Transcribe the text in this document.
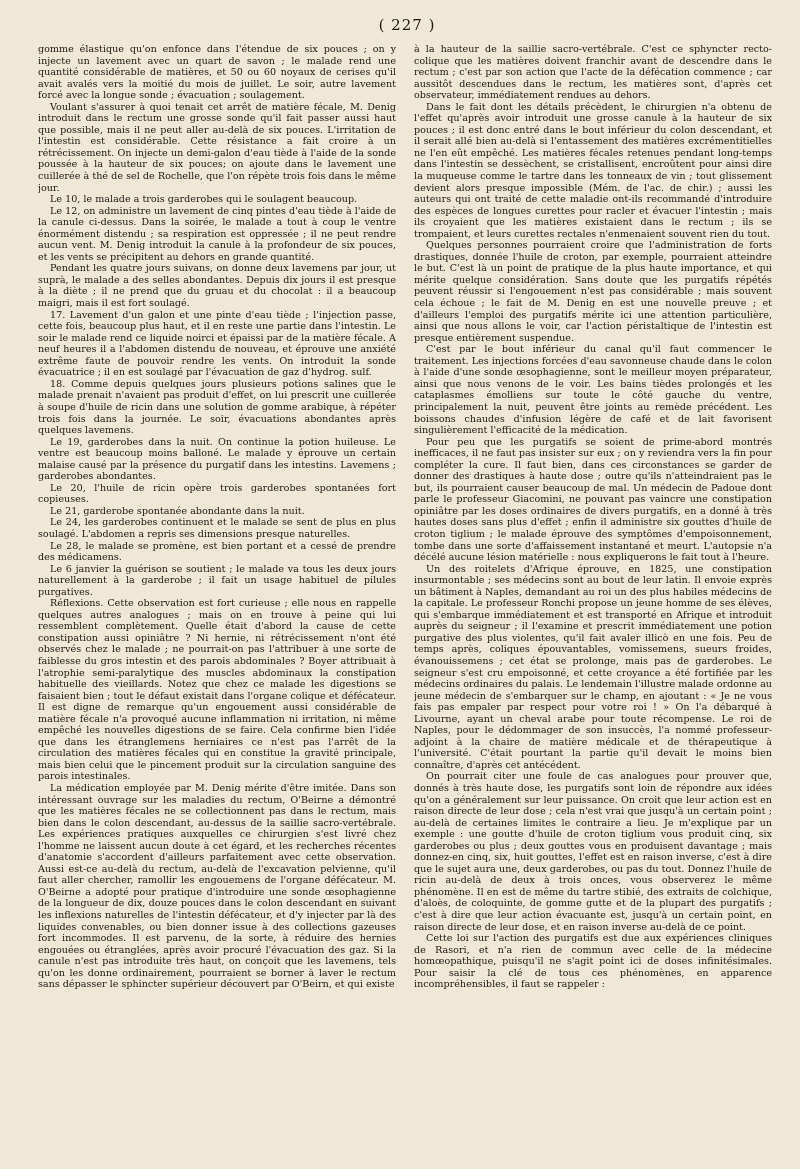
( 227 )

gomme élastique qu'on enfonce dans l'étendue de six pouces ; on y injecte un lavement avec un quart de savon ; le malade rend une quantité considérable de matières, et 50 ou 60 noyaux de cerises qu'il avait avalés vers la moitié du mois de juillet. Le soir, autre lavement forcé avec la longue sonde ; évacuation ; soulagement.

Voulant s'assurer à quoi tenait cet arrêt de matière fécale, M. Denig introduit dans le rectum une grosse sonde qu'il fait passer aussi haut que possible, mais il ne peut aller au-delà de six pouces. L'irritation de l'intestin est considérable. Cette résistance a fait croire à un rétrécissement. On injecte un demi-galon d'eau tiède à l'aide de la sonde poussée à la hauteur de six pouces; on ajoute dans le lavement une cuillerée à thé de sel de Rochelle, que l'on répète trois fois dans le même jour.

Le 10, le malade a trois garderobes qui le soulagent beaucoup.

Le 12, on administre un lavement de cinq pintes d'eau tiède à l'aide de la canule ci-dessus. Dans la soirée, le malade a tout à coup le ventre énormément distendu ; sa respiration est oppressée ; il ne peut rendre aucun vent. M. Denig introduit la canule à la profondeur de six pouces, et les vents se précipitent au dehors en grande quantité.

Pendant les quatre jours suivans, on donne deux lavemens par jour, ut suprà, le malade a des selles abondantes. Depuis dix jours il est presque à la diète ; il ne prend que du gruau et du chocolat : il a beaucoup maigri, mais il est fort soulagé.

17. Lavement d'un galon et une pinte d'eau tiède ; l'injection passe, cette fois, beaucoup plus haut, et il en reste une partie dans l'intestin. Le soir le malade rend ce liquide noirci et épaissi par de la matière fécale. A neuf heures il a l'abdomen distendu de nouveau, et éprouve une anxiété extrême faute de pouvoir rendre les vents. On introduit la sonde évacuatrice ; il en est soulagé par l'évacuation de gaz d'hydrog. sulf.

18. Comme depuis quelques jours plusieurs potions salines que le malade prenait n'avaient pas produit d'effet, on lui prescrit une cuillerée à soupe d'huile de ricin dans une solution de gomme arabique, à répéter trois fois dans la journée. Le soir, évacuations abondantes après quelques lavemens.

Le 19, garderobes dans la nuit. On continue la potion huileuse. Le ventre est beaucoup moins balloné. Le malade y éprouve un certain malaise causé par la présence du purgatif dans les intestins. Lavemens ; garderobes abondantes.

Le 20, l'huile de ricin opère trois garderobes spontanées fort copieuses.

Le 21, garderobe spontanée abondante dans la nuit.

Le 24, les garderobes continuent et le malade se sent de plus en plus soulagé. L'abdomen a repris ses dimensions presque naturelles.

Le 28, le malade se promène, est bien portant et a cessé de prendre des médicamens.

Le 6 janvier la guérison se soutient ; le malade va tous les deux jours naturellement à la garderobe ; il fait un usage habituel de pilules purgatives.

Réflexions. Cette observation est fort curieuse ; elle nous en rappelle quelques autres analogues ; mais on en trouve à peine qui lui ressemblent complètement. Quelle était d'abord la cause de cette constipation aussi opiniâtre ? Ni hernie, ni rétrécissement n'ont été observés chez le malade ; ne pourrait-on pas l'attribuer à une sorte de faiblesse du gros intestin et des parois abdominales ? Boyer attribuait à l'atrophie semi-paralytique des muscles abdominaux la constipation habituelle des vieillards. Notez que chez ce malade les digestions se faisaient bien ; tout le défaut existait dans l'organe colique et défécateur. Il est digne de remarque qu'un engouement aussi considérable de matière fécale n'a provoqué aucune inflammation ni irritation, ni même empêché les nouvelles digestions de se faire. Cela confirme bien l'idée que dans les étranglemens herniaires ce n'est pas l'arrêt de la circulation des matières fécales qui en constitue la gravité principale, mais bien celui que le pincement produit sur la circulation sanguine des parois intestinales.

La médication employée par M. Denig mérite d'être imitée. Dans son intéressant ouvrage sur les maladies du rectum, O'Beirne a démontré que les matières fécales ne se collectionnent pas dans le rectum, mais bien dans le colon descendant, au-dessus de la saillie sacro-vertébrale. Les expériences pratiques auxquelles ce chirurgien s'est livré chez l'homme ne laissent aucun doute à cet égard, et les recherches récentes d'anatomie s'accordent d'ailleurs parfaitement avec cette observation. Aussi est-ce au-delà du rectum, au-delà de l'excavation pelvienne, qu'il faut aller chercher, ramollir les engouemens de l'organe défécateur. M. O'Beirne a adopté pour pratique d'introduire une sonde œsophagienne de la longueur de dix, douze pouces dans le colon descendant en suivant les inflexions naturelles de l'intestin défécateur, et d'y injecter par là des liquides convenables, ou bien donner issue à des collections gazeuses fort incommodes. Il est parvenu, de la sorte, à réduire des hernies engouées ou étranglées, après avoir procuré l'évacuation des gaz. Si la canule n'est pas introduite très haut, on conçoit que les lavemens, tels qu'on les donne ordinairement, pourraient se borner à laver le rectum sans dépasser le sphincter supérieur découvert par O'Beirn, et qui existe

à la hauteur de la saillie sacro-vertébrale. C'est ce sphyncter recto-colique que les matières doivent franchir avant de descendre dans le rectum ; c'est par son action que l'acte de la défécation commence ; car aussitôt descendues dans le rectum, les matières sont, d'après cet observateur, immédiatement rendues au dehors.

Dans le fait dont les détails précèdent, le chirurgien n'a obtenu de l'effet qu'après avoir introduit une grosse canule à la hauteur de six pouces ; il est donc entré dans le bout inférieur du colon descendant, et il serait allé bien au-delà si l'entassement des matières excrémentitielles ne l'en eût empêché. Les matières fécales retenues pendant long-temps dans l'intestin se dessèchent, se cristallisent, encroûtent pour ainsi dire la muqueuse comme le tartre dans les tonneaux de vin ; tout glissement devient alors presque impossible (Mém. de l'ac. de chir.) ; aussi les auteurs qui ont traité de cette maladie ont-ils recommandé d'introduire des espèces de longues curettes pour racler et évacuer l'intestin ; mais ils croyaient que les matières existaient dans le rectum ; ils se trompaient, et leurs curettes rectales n'enmenaient souvent rien du tout.

Quelques personnes pourraient croire que l'administration de forts drastiques, donnée l'huile de croton, par exemple, pourraient atteindre le but. C'est là un point de pratique de la plus haute importance, et qui mérite quelque considération. Sans doute que les purgatifs répétés peuvent réussir si l'engouement n'est pas considérable ; mais souvent cela échoue ; le fait de M. Denig en est une nouvelle preuve ; et d'ailleurs l'emploi des purgatifs mérite ici une attention particulière, ainsi que nous allons le voir, car l'action péristaltique de l'intestin est presque entièrement suspendue.

C'est par le bout inférieur du canal qu'il faut commencer le traitement. Les injections forcées d'eau savonneuse chaude dans le colon à l'aide d'une sonde œsophagienne, sont le meilleur moyen préparateur, ainsi que nous venons de le voir. Les bains tièdes prolongés et les cataplasmes émolliens sur toute le côté gauche du ventre, principalement la nuit, peuvent être joints au remède précédent. Les boissons chaudes d'infusion légère de café et de lait favorisent singulièrement l'efficacité de la médication.

Pour peu que les purgatifs se soient de prime-abord montrés inefficaces, il ne faut pas insister sur eux ; on y reviendra vers la fin pour compléter la cure. Il faut bien, dans ces circonstances se garder de donner des drastiques à haute dose ; outre qu'ils n'atteindraient pas le but, ils pourraient causer beaucoup de mal. Un médecin de Padoue dont parle le professeur Giacomini, ne pouvant pas vaincre une constipation opiniâtre par les doses ordinaires de divers purgatifs, en a donné à très hautes doses sans plus d'effet ; enfin il administre six gouttes d'huile de croton tiglium ; le malade éprouve des symptômes d'empoisonnement, tombe dans une sorte d'affaissement instantané et meurt. L'autopsie n'a décélé aucune lésion matérielle : nous expliquerons le fait tout à l'heure.

Un des roitelets d'Afrique éprouve, en 1825, une constipation insurmontable ; ses médecins sont au bout de leur latin. Il envoie exprès un bâtiment à Naples, demandant au roi un des plus habiles médecins de la capitale. Le professeur Ronchi propose un jeune homme de ses élèves, qui s'embarque immédiatement et est transporté en Afrique et introduit auprès du seigneur ; il l'examine et prescrit immédiatement une potion purgative des plus violentes, qu'il fait avaler illicò en une fois. Peu de temps après, coliques épouvantables, vomissemens, sueurs froides, évanouissemens ; cet état se prolonge, mais pas de garderobes. Le seigneur s'est cru empoisonné, et cette croyance a été fortifiée par les médecins ordinaires du palais. Le lendemain l'illustre malade ordonne au jeune médecin de s'embarquer sur le champ, en ajoutant : « Je ne vous fais pas empaler par respect pour votre roi ! » On l'a débarqué à Livourne, ayant un cheval arabe pour toute récompense. Le roi de Naples, pour le dédommager de son insuccès, l'a nommé professeur-adjoint à la chaire de matière médicale et de thérapeutique à l'université. C'était pourtant la partie qu'il devait le moins bien connaître, d'après cet antécédent.

On pourrait citer une foule de cas analogues pour prouver que, donnés à très haute dose, les purgatifs sont loin de répondre aux idées qu'on a généralement sur leur puissance. On croit que leur action est en raison directe de leur dose ; cela n'est vrai que jusqu'à un certain point ; au-delà de certaines limites le contraire a lieu. Je m'explique par un exemple : une goutte d'huile de croton tiglium vous produit cinq, six garderobes ou plus ; deux gouttes vous en produisent davantage ; mais donnez-en cinq, six, huit gouttes, l'effet est en raison inverse, c'est à dire que le sujet aura une, deux garderobes, ou pas du tout. Donnez l'huile de ricin au-delà de deux à trois onces, vous observerez le même phénomène. Il en est de même du tartre stibié, des extraits de colchique, d'aloès, de coloquinte, de gomme gutte et de la plupart des purgatifs ; c'est à dire que leur action évacuante est, jusqu'à un certain point, en raison directe de leur dose, et en raison inverse au-delà de ce point.

Cette loi sur l'action des purgatifs est due aux expériences cliniques de Rasori, et n'a rien de commun avec celle de la médecine homœopathique, puisqu'il ne s'agit point ici de doses infinitésimales. Pour saisir la clé de tous ces phénomènes, en apparence incompréhensibles, il faut se rappeler :
